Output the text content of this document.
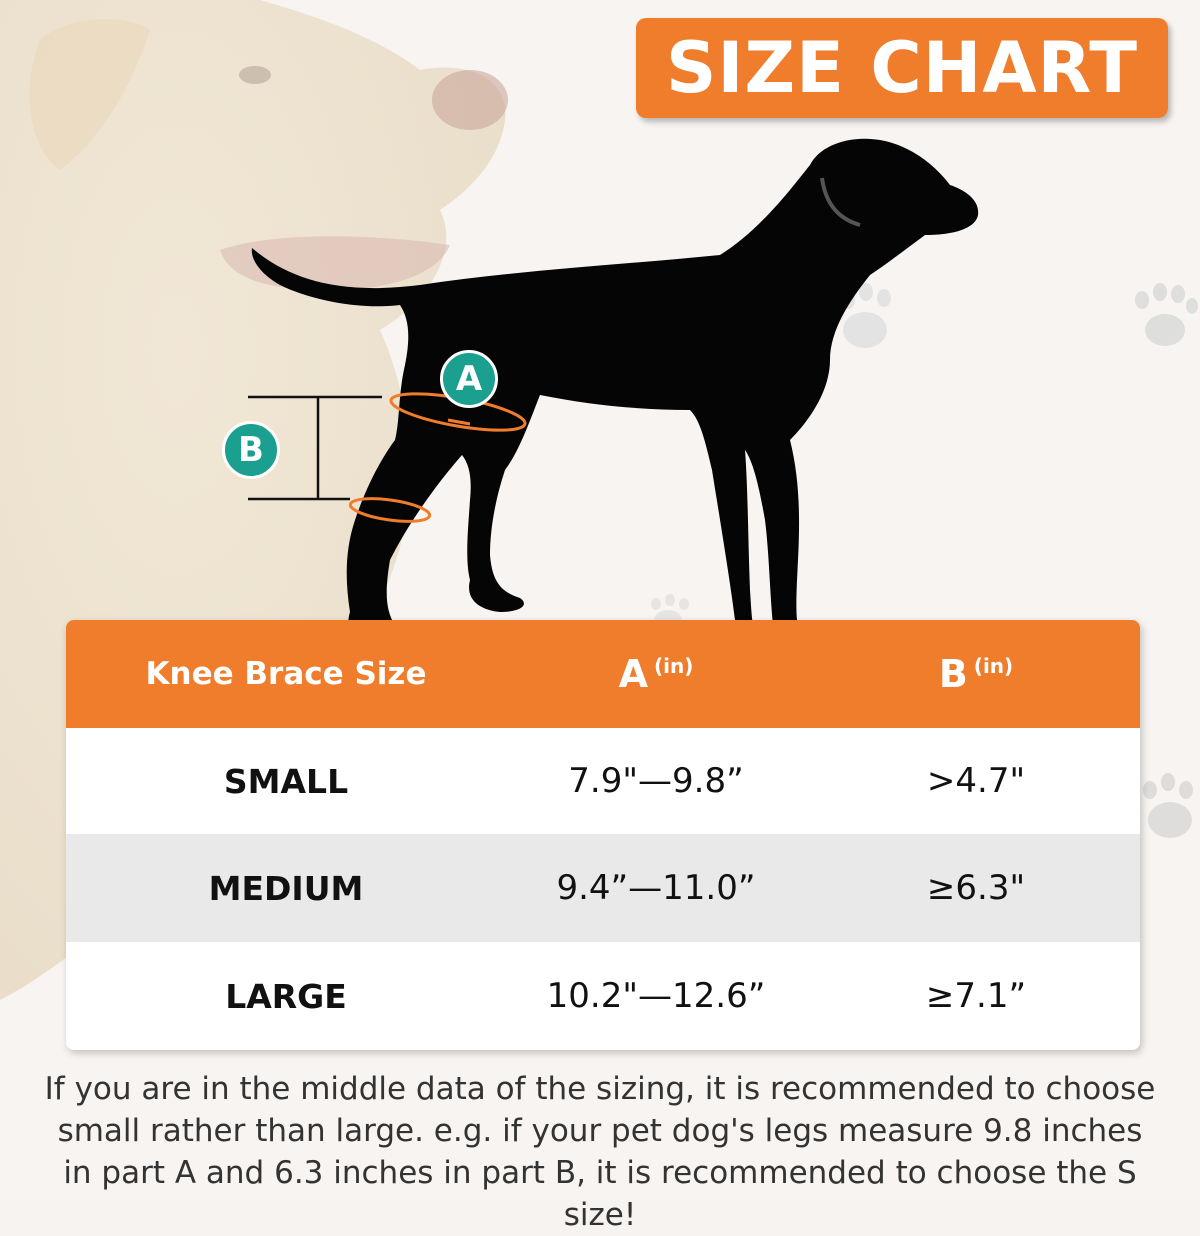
SIZE CHART
A
B
Knee Brace Size	A (in)	B (in)
SMALL	7.9"—9.8”	>4.7"
MEDIUM	9.4”—11.0”	≥6.3"
LARGE	10.2"—12.6”	≥7.1”
If you are in the middle data of the sizing, it is recommended to choose small rather than large. e.g. if your pet dog's legs measure 9.8 inches in part A and 6.3 inches in part B, it is recommended to choose the S size!
